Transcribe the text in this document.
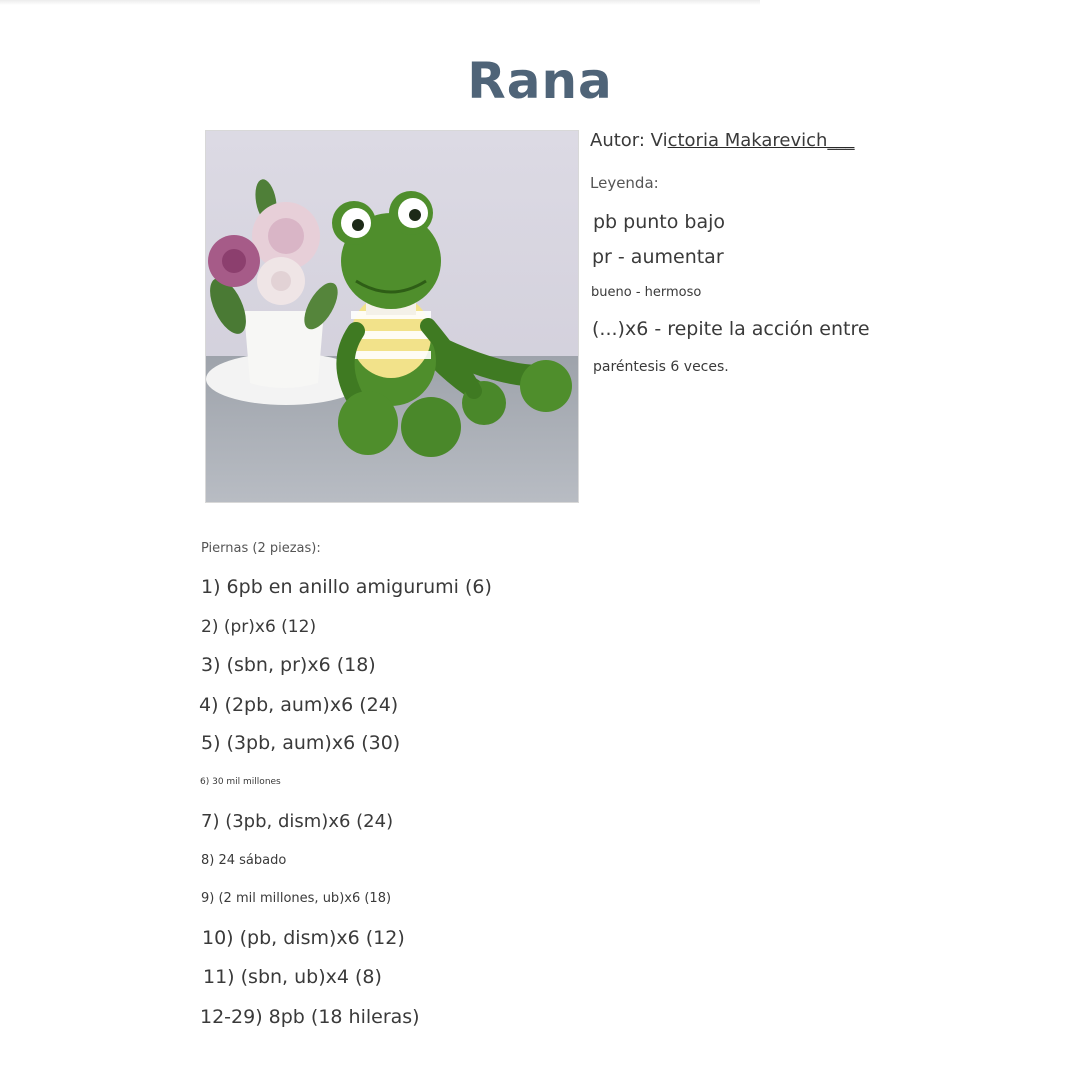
Rana
Autor: Victoria Makarevich___
Leyenda:
pb punto bajo
pr - aumentar
bueno - hermoso
(...)x6 - repite la acción entre
paréntesis 6 veces.
Piernas (2 piezas):
1) 6pb en anillo amigurumi (6)
2) (pr)x6 (12)
3) (sbn, pr)x6 (18)
4) (2pb, aum)x6 (24)
5) (3pb, aum)x6 (30)
6) 30 mil millones
7) (3pb, dism)x6 (24)
8) 24 sábado
9) (2 mil millones, ub)x6 (18)
10) (pb, dism)x6 (12)
11) (sbn, ub)x4 (8)
12-29) 8pb (18 hileras)
